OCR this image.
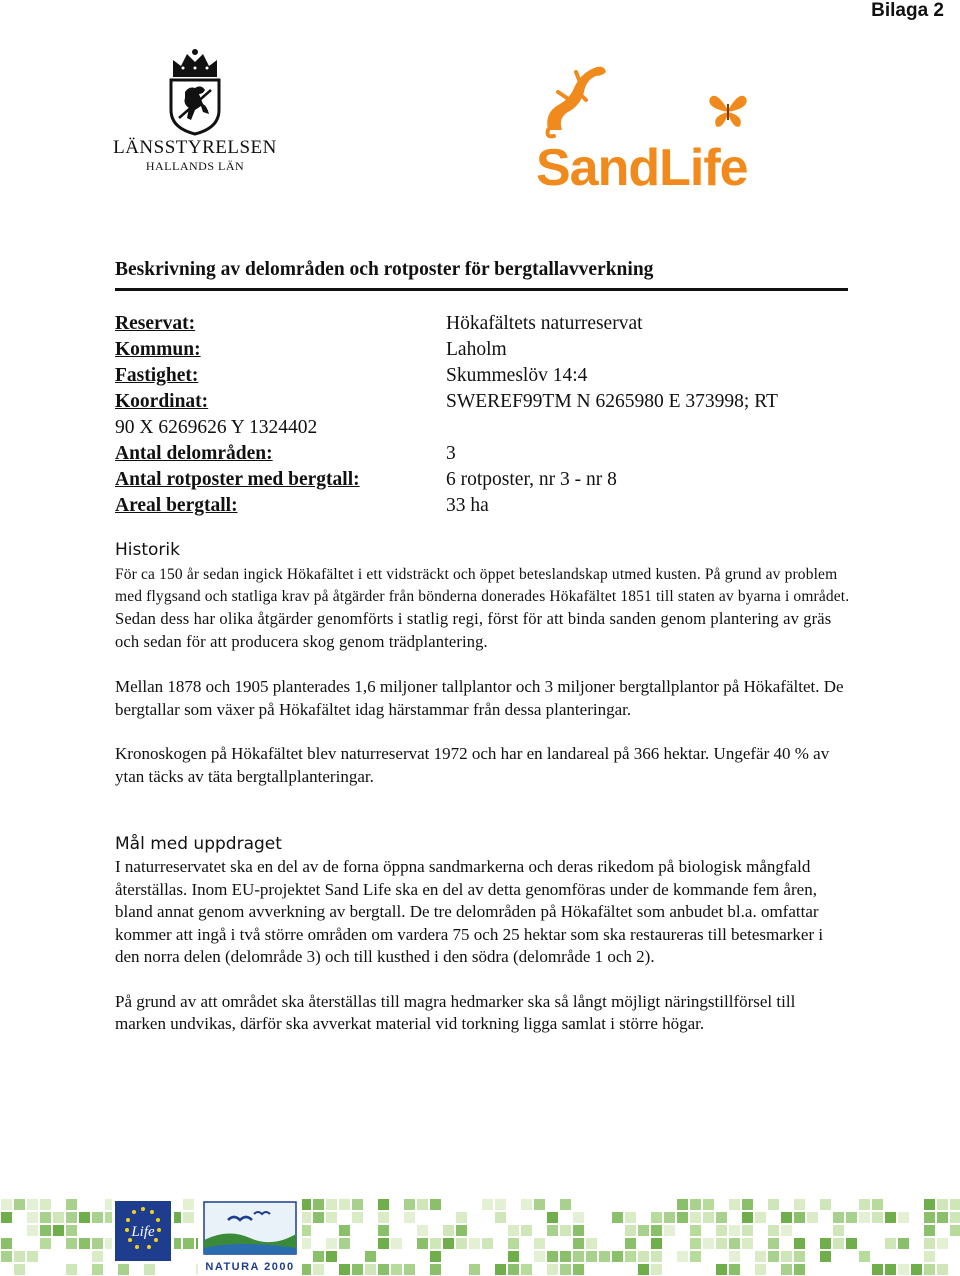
Bilaga 2
LÄNSSTYRELSEN
HALLANDS LÄN	SandLife
Beskrivning av delområden och rotposter för bergtallavverkning
Reservat:	Hökafältets naturreservat
Kommun:	Laholm
Fastighet:	Skummeslöv 14:4
Koordinat:	SWEREF99TM N 6265980 E 373998; RT
90 X 6269626 Y 1324402
Antal delområden:	3
Antal rotposter med bergtall:	6 rotposter, nr 3 - nr 8
Areal bergtall:	33 ha
Historik

För ca 150 år sedan ingick Hökafältet i ett vidsträckt och öppet beteslandskap utmed kusten. På grund av problem med flygsand och statliga krav på åtgärder från bönderna donerades Hökafältet 1851 till staten av byarna i området. Sedan dess har olika åtgärder genomförts i statlig regi, först för att binda sanden genom plantering av gräs och sedan för att producera skog genom trädplantering.

Mellan 1878 och 1905 planterades 1,6 miljoner tallplantor och 3 miljoner bergtallplantor på Hökafältet. De bergtallar som växer på Hökafältet idag härstammar från dessa planteringar.

Kronoskogen på Hökafältet blev naturreservat 1972 och har en landareal på 366 hektar. Ungefär 40 % av ytan täcks av täta bergtallplanteringar.

Mål med uppdraget

I naturreservatet ska en del av de forna öppna sandmarkerna och deras rikedom på biologisk mångfald återställas. Inom EU-projektet Sand Life ska en del av detta genomföras under de kommande fem åren, bland annat genom avverkning av bergtall. De tre delområden på Hökafältet som anbudet bl.a. omfattar kommer att ingå i två större områden om vardera 75 och 25 hektar som ska restaureras till betesmarker i den norra delen (delområde 3) och till kusthed i den södra (delområde 1 och 2).

På grund av att området ska återställas till magra hedmarker ska så långt möjligt näringstillförsel till marken undvikas, därför ska avverkat material vid torkning ligga samlat i större högar.

Life
NATURA 2000
